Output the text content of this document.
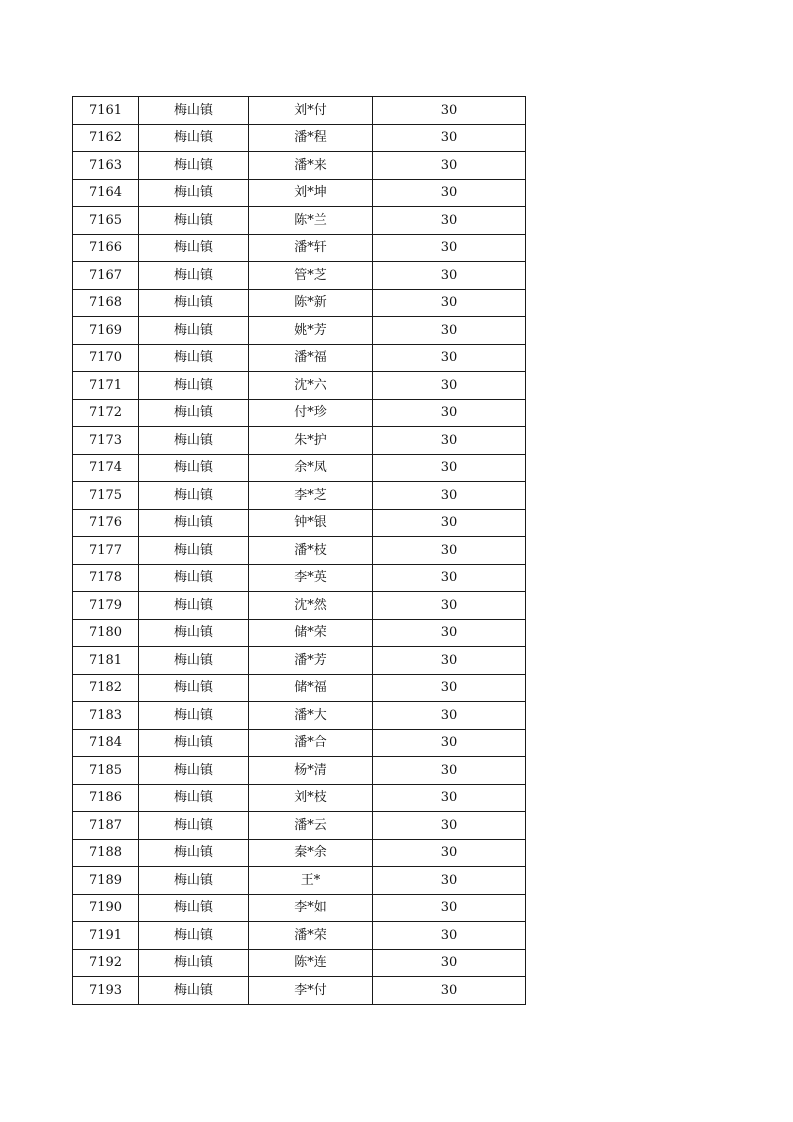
7161	梅山镇	刘*付	30
7162	梅山镇	潘*程	30
7163	梅山镇	潘*来	30
7164	梅山镇	刘*坤	30
7165	梅山镇	陈*兰	30
7166	梅山镇	潘*轩	30
7167	梅山镇	管*芝	30
7168	梅山镇	陈*新	30
7169	梅山镇	姚*芳	30
7170	梅山镇	潘*福	30
7171	梅山镇	沈*六	30
7172	梅山镇	付*珍	30
7173	梅山镇	朱*护	30
7174	梅山镇	余*凤	30
7175	梅山镇	李*芝	30
7176	梅山镇	钟*银	30
7177	梅山镇	潘*枝	30
7178	梅山镇	李*英	30
7179	梅山镇	沈*然	30
7180	梅山镇	储*荣	30
7181	梅山镇	潘*芳	30
7182	梅山镇	储*福	30
7183	梅山镇	潘*大	30
7184	梅山镇	潘*合	30
7185	梅山镇	杨*清	30
7186	梅山镇	刘*枝	30
7187	梅山镇	潘*云	30
7188	梅山镇	秦*余	30
7189	梅山镇	王*	30
7190	梅山镇	李*如	30
7191	梅山镇	潘*荣	30
7192	梅山镇	陈*连	30
7193	梅山镇	李*付	30
